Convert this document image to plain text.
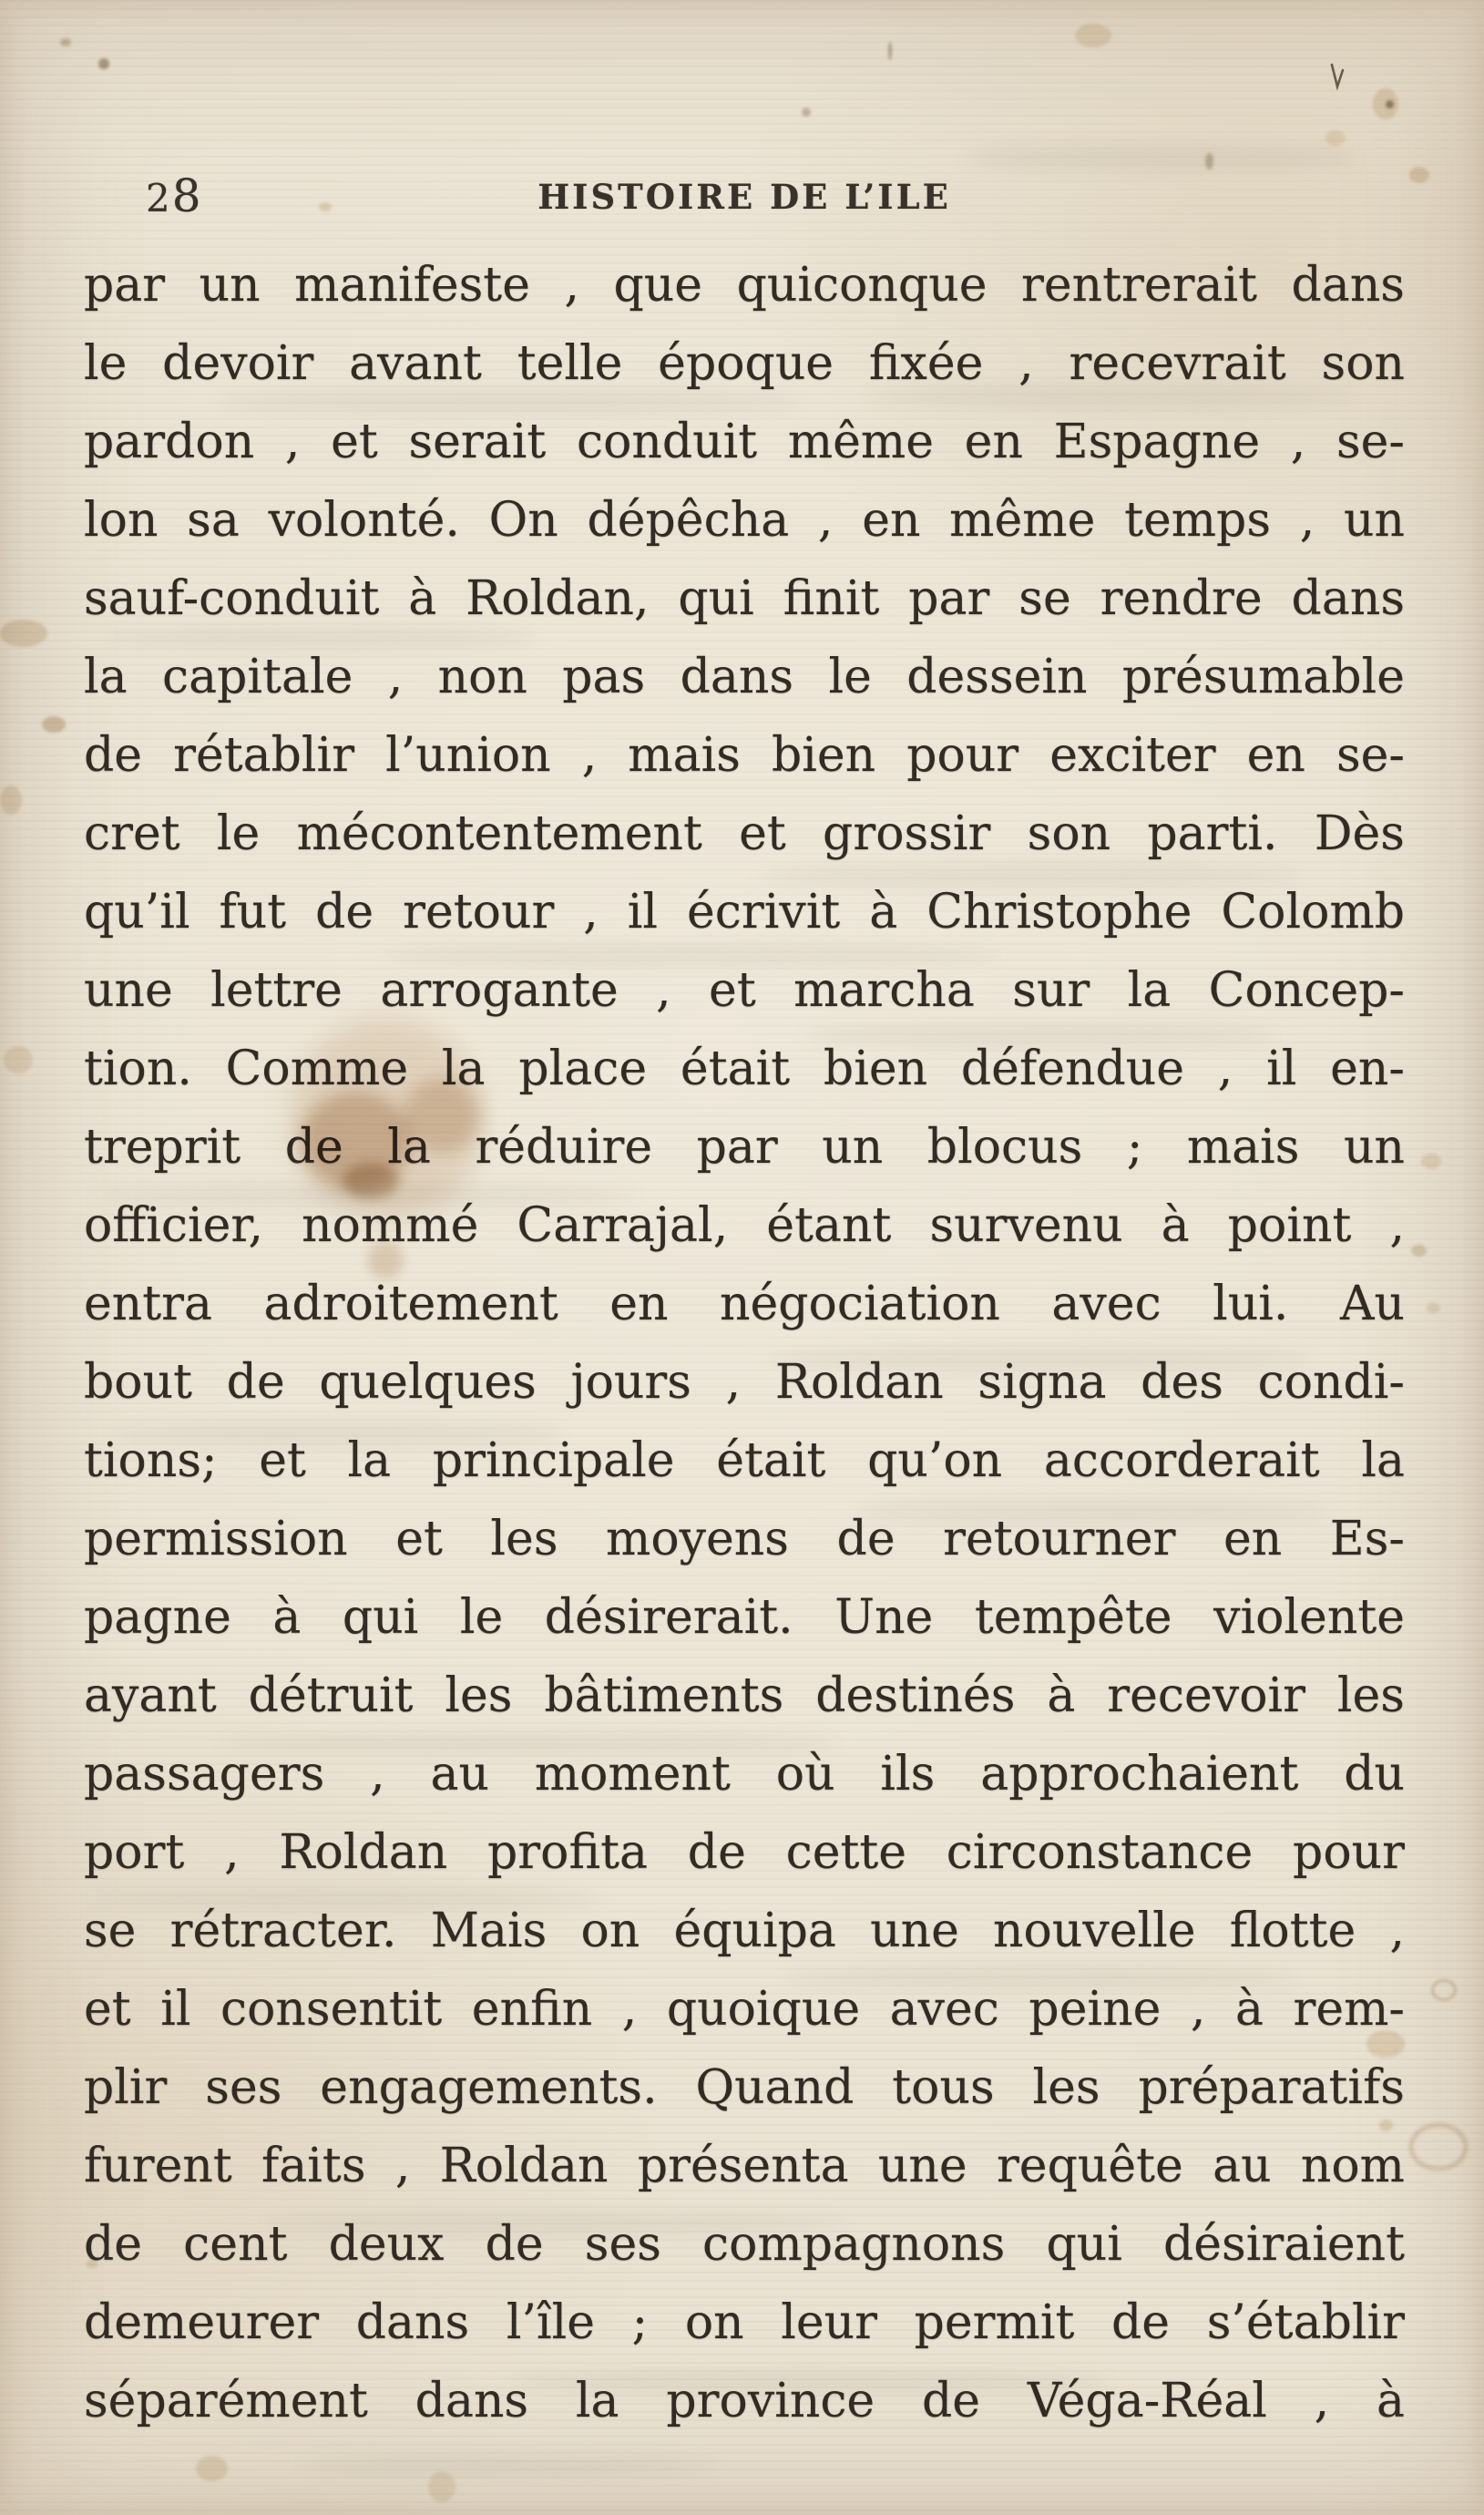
28	HISTOIRE DE L’ILE
par un manifeste , que quiconque rentrerait dans
le devoir avant telle époque fixée , recevrait son
pardon , et serait conduit même en Espagne , se-
lon sa volonté. On dépêcha , en même temps , un
sauf-conduit à Roldan, qui finit par se rendre dans
la capitale , non pas dans le dessein présumable
de rétablir l’union , mais bien pour exciter en se-
cret le mécontentement et grossir son parti. Dès
qu’il fut de retour , il écrivit à Christophe Colomb
une lettre arrogante , et marcha sur la Concep-
tion. Comme la place était bien défendue , il en-
treprit de la réduire par un blocus ; mais un
officier, nommé Carrajal, étant survenu à point ,
entra adroitement en négociation avec lui. Au
bout de quelques jours , Roldan signa des condi-
tions; et la principale était qu’on accorderait la
permission et les moyens de retourner en Es-
pagne à qui le désirerait. Une tempête violente
ayant détruit les bâtiments destinés à recevoir les
passagers , au moment où ils approchaient du
port , Roldan profita de cette circonstance pour
se rétracter. Mais on équipa une nouvelle flotte ,
et il consentit enfin , quoique avec peine , à rem-
plir ses engagements. Quand tous les préparatifs
furent faits , Roldan présenta une requête au nom
de cent deux de ses compagnons qui désiraient
demeurer dans l’île ; on leur permit de s’établir
séparément dans la province de Véga-Réal , à
